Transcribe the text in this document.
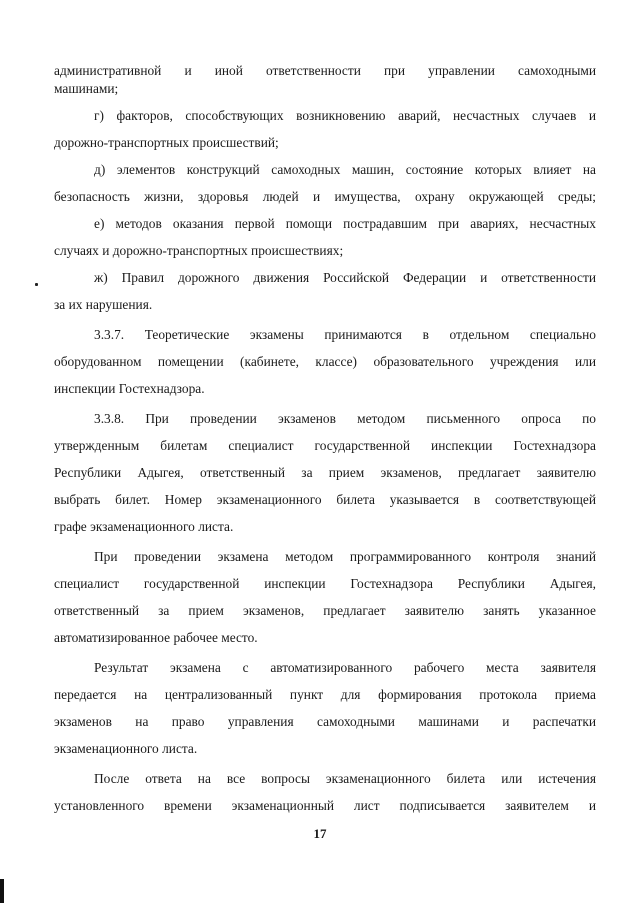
административной и иной ответственности при управлении самоходными
машинами;
г) факторов, способствующих возникновению аварий, несчастных случаев и
дорожно-транспортных происшествий;
д) элементов конструкций самоходных машин, состояние которых влияет на
безопасность жизни, здоровья людей и имущества, охрану окружающей среды;
е) методов оказания первой помощи пострадавшим при авариях, несчастных
случаях и дорожно-транспортных происшествиях;
ж) Правил дорожного движения Российской Федерации и ответственности
за их нарушения.
3.3.7. Теоретические экзамены принимаются в отдельном специально
оборудованном помещении (кабинете, классе) образовательного учреждения или
инспекции Гостехнадзора.
3.3.8. При проведении экзаменов методом письменного опроса по
утвержденным билетам специалист государственной инспекции Гостехнадзора
Республики Адыгея, ответственный за прием экзаменов, предлагает заявителю
выбрать билет. Номер экзаменационного билета указывается в соответствующей
графе экзаменационного листа.
При проведении экзамена методом программированного контроля знаний
специалист государственной инспекции Гостехнадзора Республики Адыгея,
ответственный за прием экзаменов, предлагает заявителю занять указанное
автоматизированное рабочее место.
Результат экзамена с автоматизированного рабочего места заявителя
передается на централизованный пункт для формирования протокола приема
экзаменов на право управления самоходными машинами и распечатки
экзаменационного листа.
После ответа на все вопросы экзаменационного билета или истечения
установленного времени экзаменационный лист подписывается заявителем и
17
